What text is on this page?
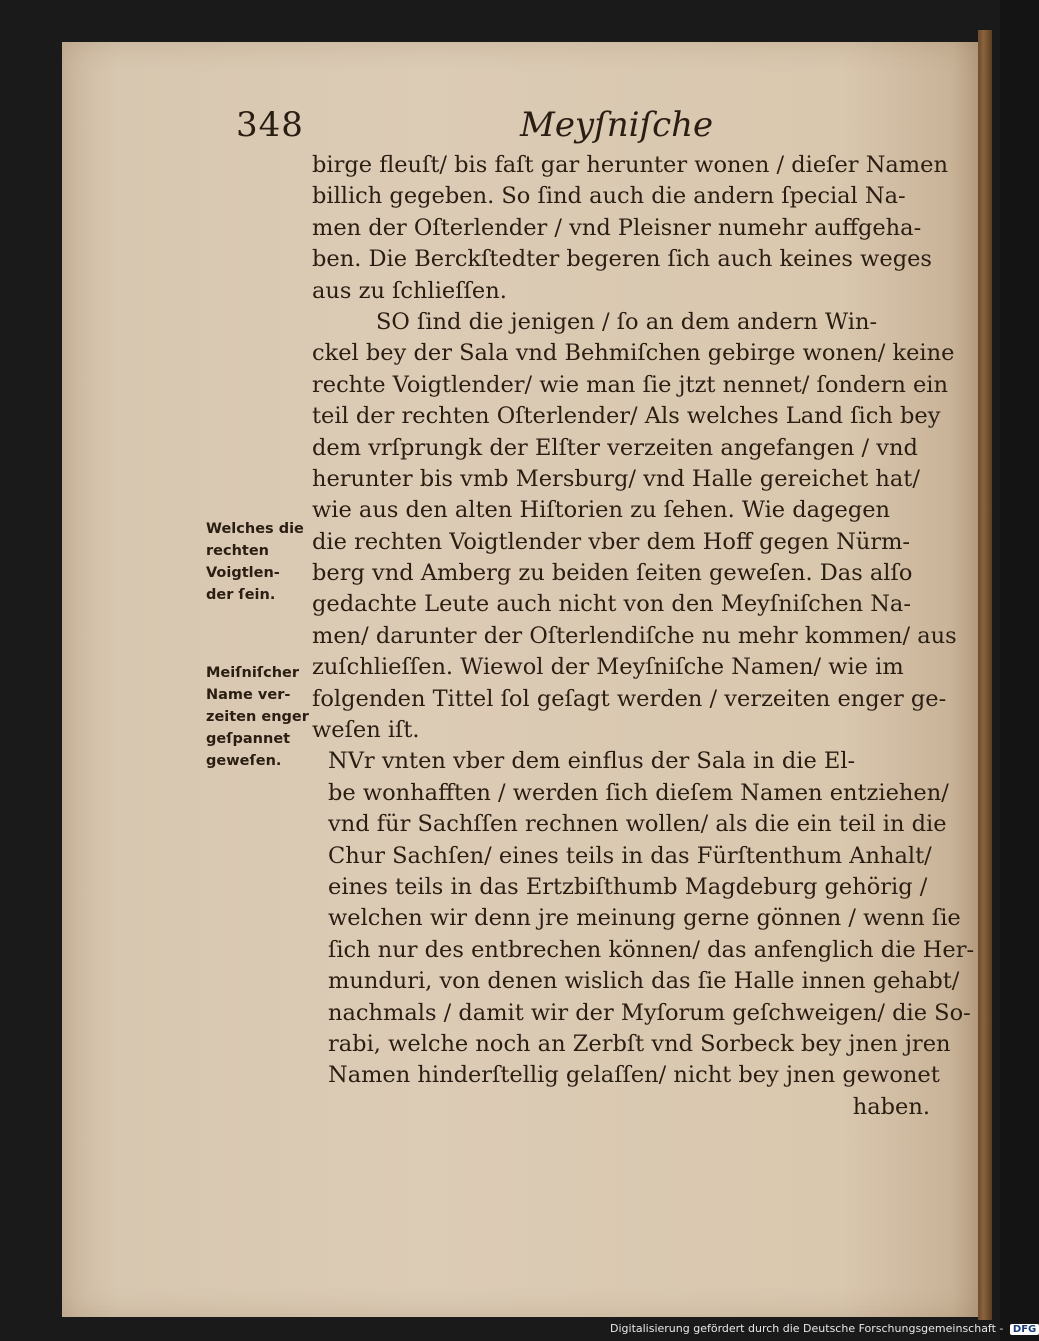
348	Meyſniſche
birge fleuſt/ bis faſt gar herunter wonen / dieſer Namen
billich gegeben. So ſind auch die andern ſpecial Na-
men der Oſterlender / vnd Pleisner numehr auffgeha-
ben. Die Berckſtedter begeren ſich auch keines weges
aus zu ſchlieſſen.
SO ſind die jenigen / ſo an dem andern Win-
ckel bey der Sala vnd Behmiſchen gebirge wonen/ keine
rechte Voigtlender/ wie man ſie jtzt nennet/ ſondern ein
teil der rechten Oſterlender/ Als welches Land ſich bey
dem vrſprungk der Elſter verzeiten angefangen / vnd
herunter bis vmb Mersburg/ vnd Halle gereichet hat/
wie aus den alten Hiſtorien zu ſehen. Wie dagegen
die rechten Voigtlender vber dem Hoff gegen Nürm-
berg vnd Amberg zu beiden ſeiten geweſen. Das alſo
gedachte Leute auch nicht von den Meyſniſchen Na-
men/ darunter der Oſterlendiſche nu mehr kommen/ aus
zuſchlieſſen. Wiewol der Meyſniſche Namen/ wie im
folgenden Tittel ſol geſagt werden / verzeiten enger ge-
weſen iſt.
NVr vnten vber dem einflus der Sala in die El-
be wonhafften / werden ſich dieſem Namen entziehen/
vnd für Sachſſen rechnen wollen/ als die ein teil in die
Chur Sachſen/ eines teils in das Fürſtenthum Anhalt/
eines teils in das Ertzbiſthumb Magdeburg gehörig /
welchen wir denn jre meinung gerne gönnen / wenn ſie
ſich nur des entbrechen können/ das anfenglich die Her-
munduri, von denen wislich das ſie Halle innen gehabt/
nachmals / damit wir der Myſorum geſchweigen/ die So-
rabi, welche noch an Zerbſt vnd Sorbeck bey jnen jren
Namen hinderſtellig gelaſſen/ nicht bey jnen gewonet
haben.
Welches die
rechten
Voigtlen-
der ſein.
Meiſniſcher
Name ver-
zeiten enger
geſpannet
geweſen.
Digitalisierung gefördert durch die Deutsche Forschungsgemeinschaft - DFG
